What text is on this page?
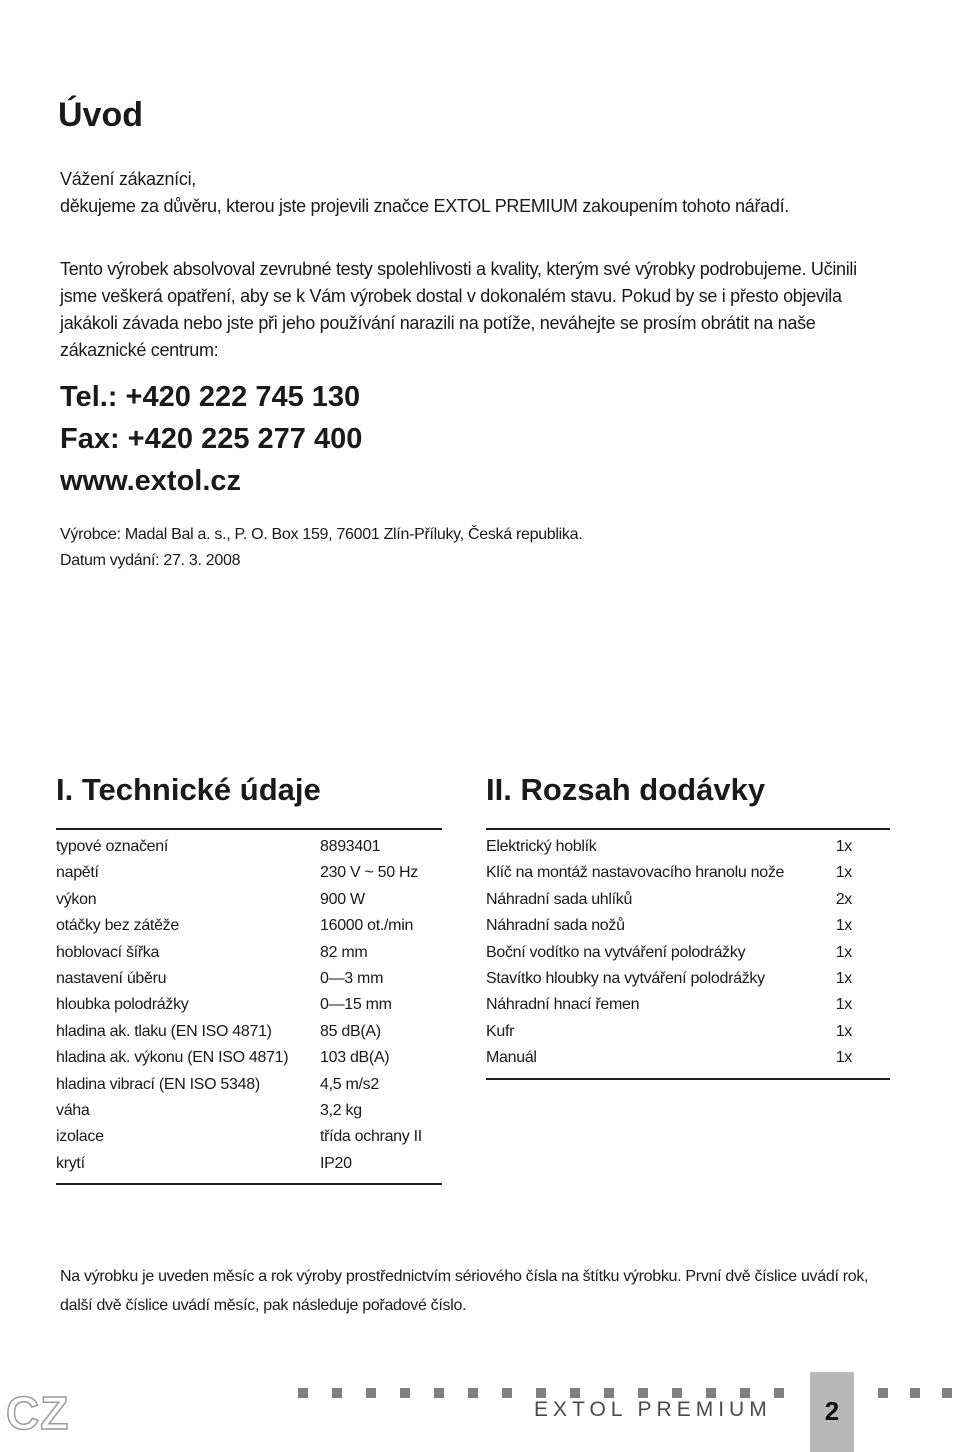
Úvod
Vážení zákazníci,
děkujeme za důvěru, kterou jste projevili značce EXTOL PREMIUM zakoupením tohoto nářadí.

Tento výrobek absolvoval zevrubné testy spolehlivosti a kvality, kterým své výrobky podrobujeme. Učinili jsme veškerá opatření, aby se k Vám výrobek dostal v dokonalém stavu. Pokud by se i přesto objevila jakákoli závada nebo jste při jeho používání narazili na potíže, neváhejte se prosím obrátit na naše zákaznické centrum:

Tel.: +420 222 745 130
Fax: +420 225 277 400
www.extol.cz
Výrobce: Madal Bal a. s., P. O. Box 159, 76001 Zlín-Příluky, Česká republika.
Datum vydání: 27. 3. 2008
I. Technické údaje	II. Rozsah dodávky
typové označení	8893401
napětí	230 V ~ 50 Hz
výkon	900 W
otáčky bez zátěže	16000 ot./min
hoblovací šířka	82 mm
nastavení úběru	0—3 mm
hloubka polodrážky	0—15 mm
hladina ak. tlaku (EN ISO 4871)	85 dB(A)
hladina ak. výkonu (EN ISO 4871)	103 dB(A)
hladina vibrací (EN ISO 5348)	4,5 m/s2
váha	3,2 kg
izolace	třída ochrany II
krytí	IP20
Elektrický hoblík	1x
Klíč na montáž nastavovacího hranolu nože	1x
Náhradní sada uhlíků	2x
Náhradní sada nožů	1x
Boční vodítko na vytváření polodrážky	1x
Stavítko hloubky na vytváření polodrážky	1x
Náhradní hnací řemen	1x
Kufr	1x
Manuál	1x
Na výrobku je uveden měsíc a rok výroby prostřednictvím sériového čísla na štítku výrobku. První dvě číslice uvádí rok, další dvě číslice uvádí měsíc, pak následuje pořadové číslo.
CZ	EXTOL PREMIUM	2
